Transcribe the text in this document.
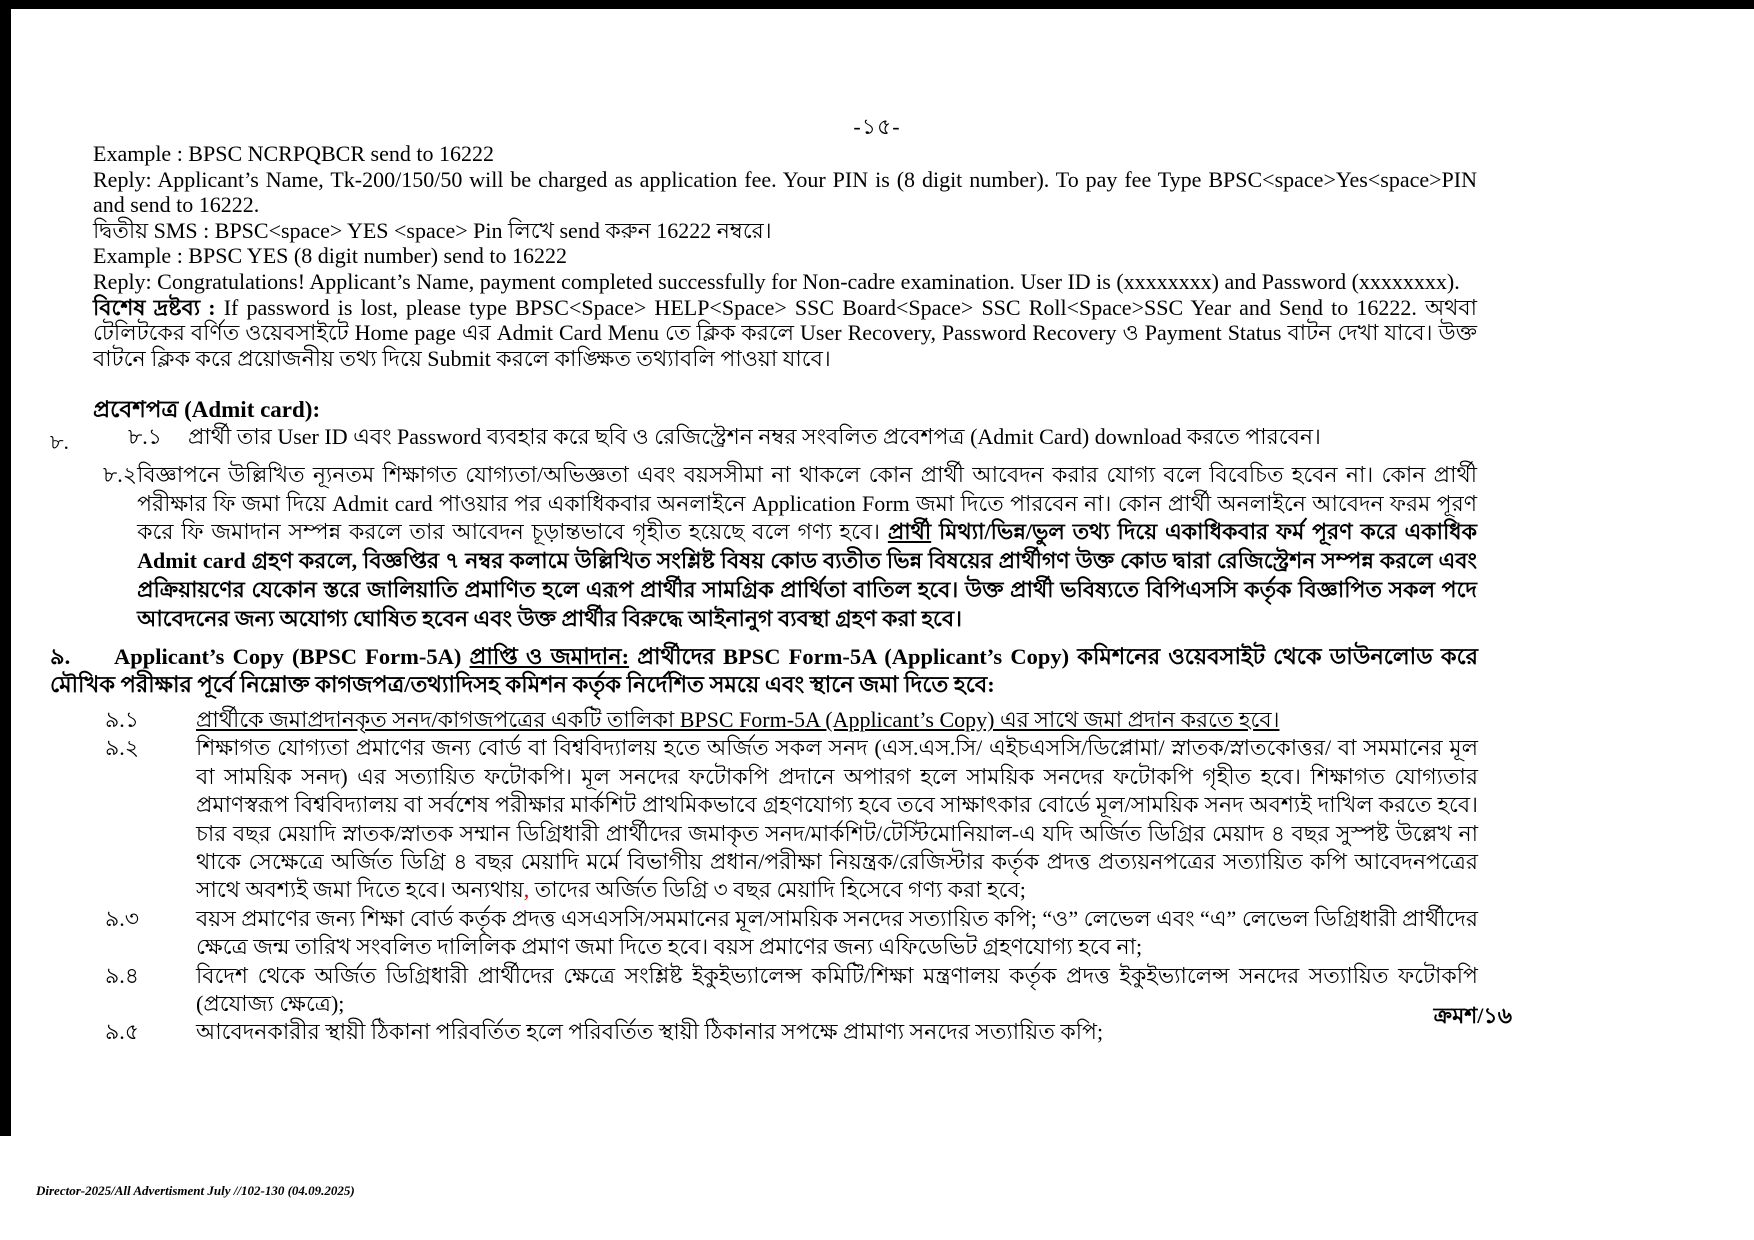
-১৫-

Example : BPSC NCRPQBCR send to 16222

Reply: Applicant’s Name, Tk-200/150/50 will be charged as application fee. Your PIN is (8 digit number). To pay fee Type BPSC<space>Yes<space>PIN and send to 16222.

দ্বিতীয় SMS : BPSC<space> YES <space> Pin লিখে send করুন 16222 নম্বরে।

Example : BPSC YES (8 digit number) send to 16222

Reply: Congratulations! Applicant’s Name, payment completed successfully for Non-cadre examination. User ID is (xxxxxxxx) and Password (xxxxxxxx).

বিশেষ দ্রষ্টব্য : If password is lost, please type BPSC<Space> HELP<Space> SSC Board<Space> SSC Roll<Space>SSC Year and Send to 16222. অথবা টেলিটকের বর্ণিত ওয়েবসাইটে Home page এর Admit Card Menu তে ক্লিক করলে User Recovery, Password Recovery ও Payment Status বাটন দেখা যাবে। উক্ত বাটনে ক্লিক করে প্রয়োজনীয় তথ্য দিয়ে Submit করলে কাঙ্ক্ষিত তথ্যাবলি পাওয়া যাবে।

প্রবেশপত্র (Admit card):
৮.	৮.১	প্রার্থী তার User ID এবং Password ব্যবহার করে ছবি ও রেজিস্ট্রেশন নম্বর সংবলিত প্রবেশপত্র (Admit Card) download করতে পারবেন।
৮.২ বিজ্ঞাপনে উল্লিখিত ন্যূনতম শিক্ষাগত যোগ্যতা/অভিজ্ঞতা এবং বয়সসীমা না থাকলে কোন প্রার্থী আবেদন করার যোগ্য বলে বিবেচিত হবেন না। কোন প্রার্থী পরীক্ষার ফি জমা দিয়ে Admit card পাওয়ার পর একাধিকবার অনলাইনে Application Form জমা দিতে পারবেন না। কোন প্রার্থী অনলাইনে আবেদন ফরম পূরণ করে ফি জমাদান সম্পন্ন করলে তার আবেদন চূড়ান্তভাবে গৃহীত হয়েছে বলে গণ্য হবে। প্রার্থী মিথ্যা/ভিন্ন/ভুল তথ্য দিয়ে একাধিকবার ফর্ম পূরণ করে একাধিক Admit card গ্রহণ করলে, বিজ্ঞপ্তির ৭ নম্বর কলামে উল্লিখিত সংশ্লিষ্ট বিষয় কোড ব্যতীত ভিন্ন বিষয়ের প্রার্থীগণ উক্ত কোড দ্বারা রেজিস্ট্রেশন সম্পন্ন করলে এবং প্রক্রিয়ায়ণের যেকোন স্তরে জালিয়াতি প্রমাণিত হলে এরূপ প্রার্থীর সামগ্রিক প্রার্থিতা বাতিল হবে। উক্ত প্রার্থী ভবিষ্যতে বিপিএসসি কর্তৃক বিজ্ঞাপিত সকল পদে আবেদনের জন্য অযোগ্য ঘোষিত হবেন এবং উক্ত প্রার্থীর বিরুদ্ধে আইনানুগ ব্যবস্থা গ্রহণ করা হবে।
৯. Applicant’s Copy (BPSC Form-5A) প্রাপ্তি ও জমাদান: প্রার্থীদের BPSC Form-5A (Applicant’s Copy) কমিশনের ওয়েবসাইট থেকে ডাউনলোড করে মৌখিক পরীক্ষার পূর্বে নিম্নোক্ত কাগজপত্র/তথ্যাদিসহ কমিশন কর্তৃক নির্দেশিত সময়ে এবং স্থানে জমা দিতে হবে:
৯.১	প্রার্থীকে জমাপ্রদানকৃত সনদ/কাগজপত্রের একটি তালিকা BPSC Form-5A (Applicant’s Copy) এর সাথে জমা প্রদান করতে হবে।
৯.২	শিক্ষাগত যোগ্যতা প্রমাণের জন্য বোর্ড বা বিশ্ববিদ্যালয় হতে অর্জিত সকল সনদ (এস.এস.সি/ এইচএসসি/ডিপ্লোমা/ স্নাতক/স্নাতকোত্তর/ বা সমমানের মূল বা সাময়িক সনদ) এর সত্যায়িত ফটোকপি। মূল সনদের ফটোকপি প্রদানে অপারগ হলে সাময়িক সনদের ফটোকপি গৃহীত হবে। শিক্ষাগত যোগ্যতার প্রমাণস্বরূপ বিশ্ববিদ্যালয় বা সর্বশেষ পরীক্ষার মার্কশিট প্রাথমিকভাবে গ্রহণযোগ্য হবে তবে সাক্ষাৎকার বোর্ডে মূল/সাময়িক সনদ অবশ্যই দাখিল করতে হবে। চার বছর মেয়াদি স্নাতক/স্নাতক সম্মান ডিগ্রিধারী প্রার্থীদের জমাকৃত সনদ/মার্কশিট/টেস্টিমোনিয়াল-এ যদি অর্জিত ডিগ্রির মেয়াদ ৪ বছর সুস্পষ্ট উল্লেখ না থাকে সেক্ষেত্রে অর্জিত ডিগ্রি ৪ বছর মেয়াদি মর্মে বিভাগীয় প্রধান/পরীক্ষা নিয়ন্ত্রক/রেজিস্টার কর্তৃক প্রদত্ত প্রত্যয়নপত্রের সত্যায়িত কপি আবেদনপত্রের সাথে অবশ্যই জমা দিতে হবে। অন্যথায়, তাদের অর্জিত ডিগ্রি ৩ বছর মেয়াদি হিসেবে গণ্য করা হবে;
৯.৩	বয়স প্রমাণের জন্য শিক্ষা বোর্ড কর্তৃক প্রদত্ত এসএসসি/সমমানের মূল/সাময়িক সনদের সত্যায়িত কপি; “ও” লেভেল এবং “এ” লেভেল ডিগ্রিধারী প্রার্থীদের ক্ষেত্রে জন্ম তারিখ সংবলিত দালিলিক প্রমাণ জমা দিতে হবে। বয়স প্রমাণের জন্য এফিডেভিট গ্রহণযোগ্য হবে না;
৯.৪	বিদেশ থেকে অর্জিত ডিগ্রিধারী প্রার্থীদের ক্ষেত্রে সংশ্লিষ্ট ইকুইভ্যালেন্স কমিটি/শিক্ষা মন্ত্রণালয় কর্তৃক প্রদত্ত ইকুইভ্যালেন্স সনদের সত্যায়িত ফটোকপি (প্রযোজ্য ক্ষেত্রে);
৯.৫	আবেদনকারীর স্থায়ী ঠিকানা পরিবর্তিত হলে পরিবর্তিত স্থায়ী ঠিকানার সপক্ষে প্রামাণ্য সনদের সত্যায়িত কপি;
ক্রমশ/১৬
Director-2025/All Advertisment July //102-130 (04.09.2025)
